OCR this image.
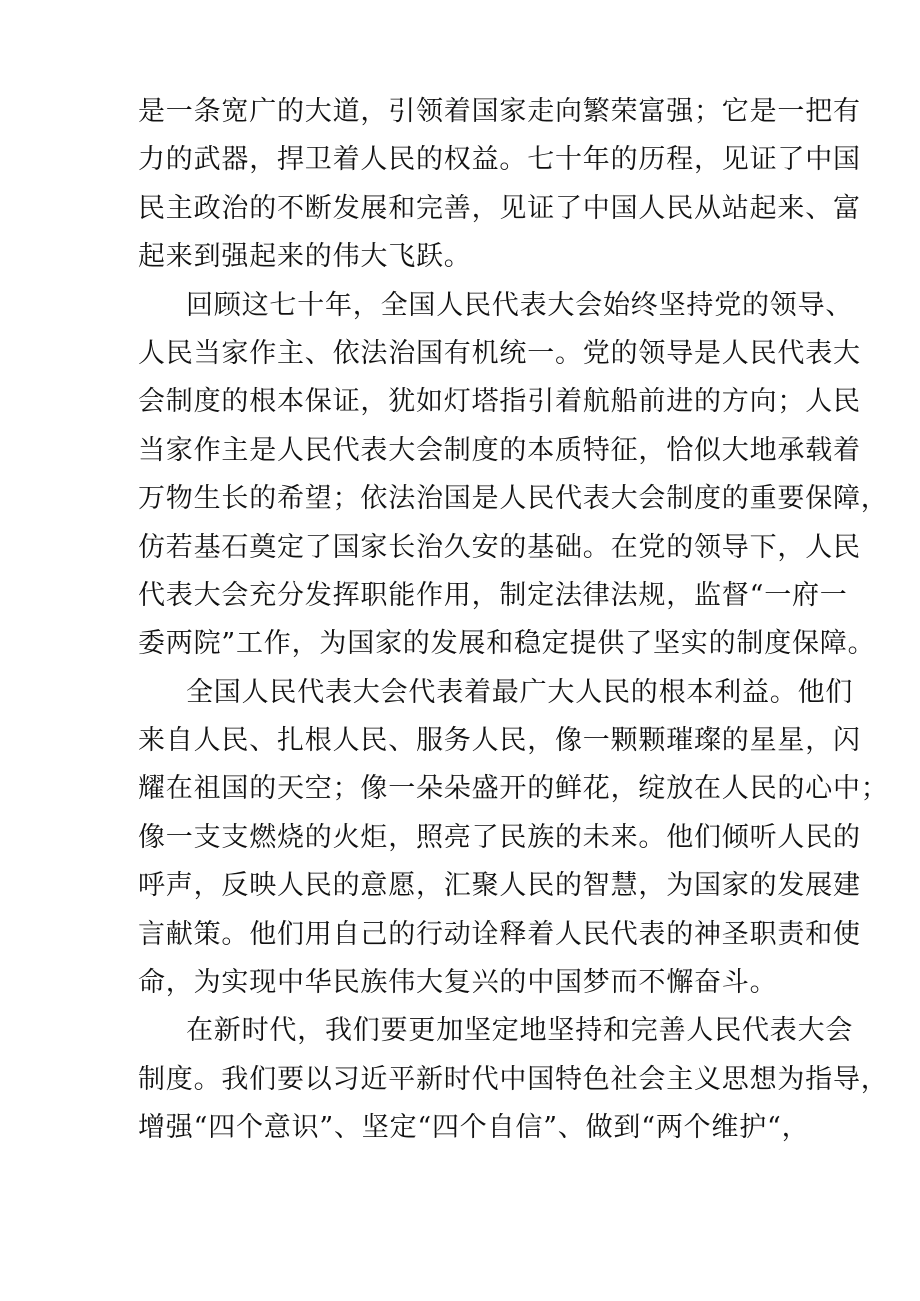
是一条宽广的大道，引领着国家走向繁荣富强；它是一把有
力的武器，捍卫着人民的权益。七十年的历程，见证了中国
民主政治的不断发展和完善，见证了中国人民从站起来、富
起来到强起来的伟大飞跃。
回顾这七十年，全国人民代表大会始终坚持党的领导、
人民当家作主、依法治国有机统一。党的领导是人民代表大
会制度的根本保证，犹如灯塔指引着航船前进的方向；人民
当家作主是人民代表大会制度的本质特征，恰似大地承载着
万物生长的希望；依法治国是人民代表大会制度的重要保障，
仿若基石奠定了国家长治久安的基础。在党的领导下，人民
代表大会充分发挥职能作用，制定法律法规，监督“一府一
委两院”工作，为国家的发展和稳定提供了坚实的制度保障。
全国人民代表大会代表着最广大人民的根本利益。他们
来自人民、扎根人民、服务人民，像一颗颗璀璨的星星，闪
耀在祖国的天空；像一朵朵盛开的鲜花，绽放在人民的心中；
像一支支燃烧的火炬，照亮了民族的未来。他们倾听人民的
呼声，反映人民的意愿，汇聚人民的智慧，为国家的发展建
言献策。他们用自己的行动诠释着人民代表的神圣职责和使
命，为实现中华民族伟大复兴的中国梦而不懈奋斗。
在新时代，我们要更加坚定地坚持和完善人民代表大会
制度。我们要以习近平新时代中国特色社会主义思想为指导，
增强“四个意识”、坚定“四个自信”、做到“两个维护“，
